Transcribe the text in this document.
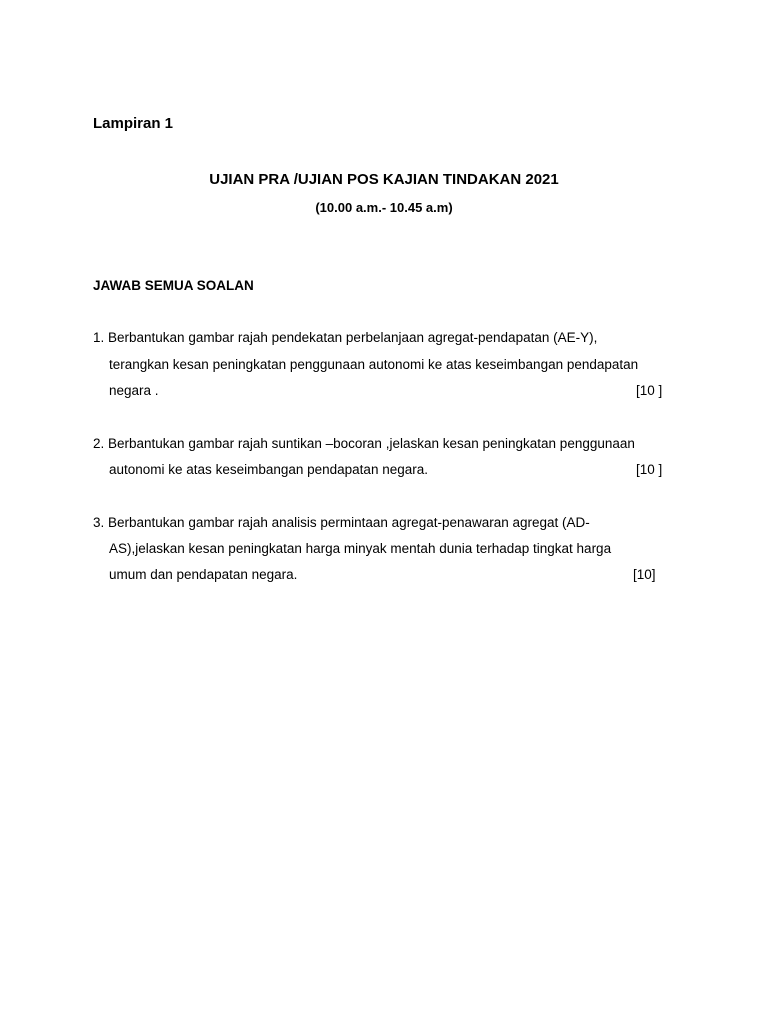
Lampiran 1
UJIAN PRA /UJIAN POS KAJIAN TINDAKAN 2021
(10.00 a.m.- 10.45 a.m)
JAWAB SEMUA SOALAN
1. Berbantukan gambar rajah pendekatan perbelanjaan agregat-pendapatan (AE-Y),
terangkan kesan peningkatan penggunaan autonomi ke atas keseimbangan pendapatan
negara .	[10 ]
2. Berbantukan gambar rajah suntikan –bocoran ,jelaskan kesan peningkatan penggunaan
autonomi ke atas keseimbangan pendapatan negara.	[10 ]
3. Berbantukan gambar rajah analisis permintaan agregat-penawaran agregat (AD-
AS),jelaskan kesan peningkatan harga minyak mentah dunia terhadap tingkat harga
umum dan pendapatan negara.	[10]
